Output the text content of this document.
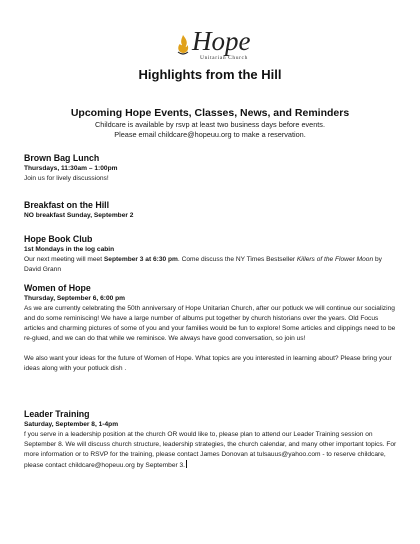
Hope
Unitarian Church
Highlights from the Hill
Upcoming Hope Events, Classes, News, and Reminders
Childcare is available by rsvp at least two business days before events.
Please email childcare@hopeuu.org to make a reservation.
Brown Bag Lunch
Thursdays, 11:30am – 1:00pm

Join us for lively discussions!

Breakfast on the Hill
NO breakfast Sunday, September 2
Hope Book Club
1st Mondays in the log cabin

Our next meeting will meet September 3 at 6:30 pm. Come discuss the NY Times Bestseller Killers of the Flower Moon by David Grann

Women of Hope
Thursday, September 6, 6:00 pm

As we are currently celebrating the 50th anniversary of Hope Unitarian Church, after our potluck we will continue our socializing and do some reminiscing! We have a large number of albums put together by church historians over the years. Old Focus articles and charming pictures of some of you and your families would be fun to explore! Some articles and clippings need to be re-glued, and we can do that while we reminisce. We always have good conversation, so join us!

We also want your ideas for the future of Women of Hope. What topics are you interested in learning about? Please bring your ideas along with your potluck dish .

Leader Training
Saturday, September 8, 1-4pm

f you serve in a leadership position at the church OR would like to, please plan to attend our Leader Training session on September 8. We will discuss church structure, leadership strategies, the church calendar, and many other important topics. For more information or to RSVP for the training, please contact James Donovan at tulsauus@yahoo.com - to reserve childcare, please contact childcare@hopeuu.org by September 3.
